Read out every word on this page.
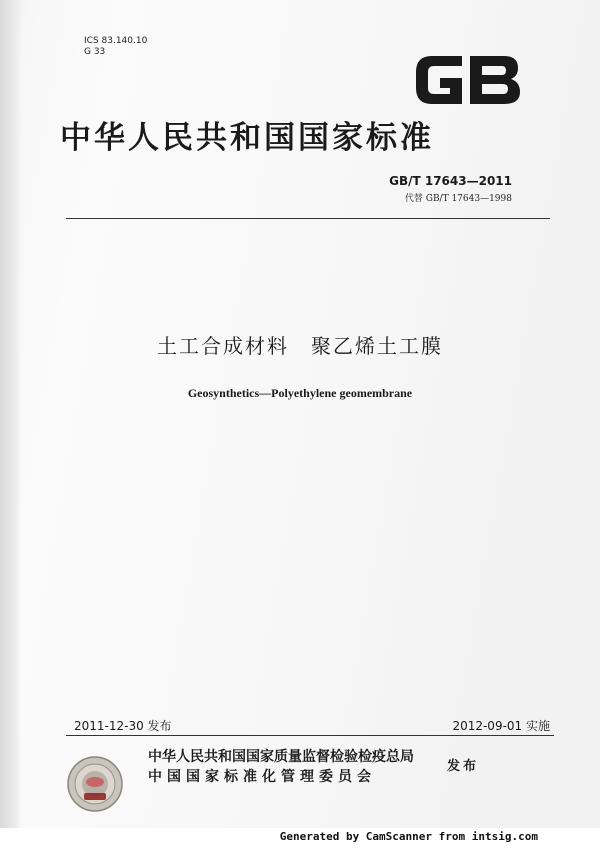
ICS 83.140.10
G 33
中华人民共和国国家标准
GB/T 17643—2011
代替 GB/T 17643—1998
土工合成材料　聚乙烯土工膜
Geosynthetics—Polyethylene geomembrane
2011-12-30 发布	2012-09-01 实施
中华人民共和国国家质量监督检验检疫总局
中国国家标准化管理委员会
发布
Generated by CamScanner from intsig.com
